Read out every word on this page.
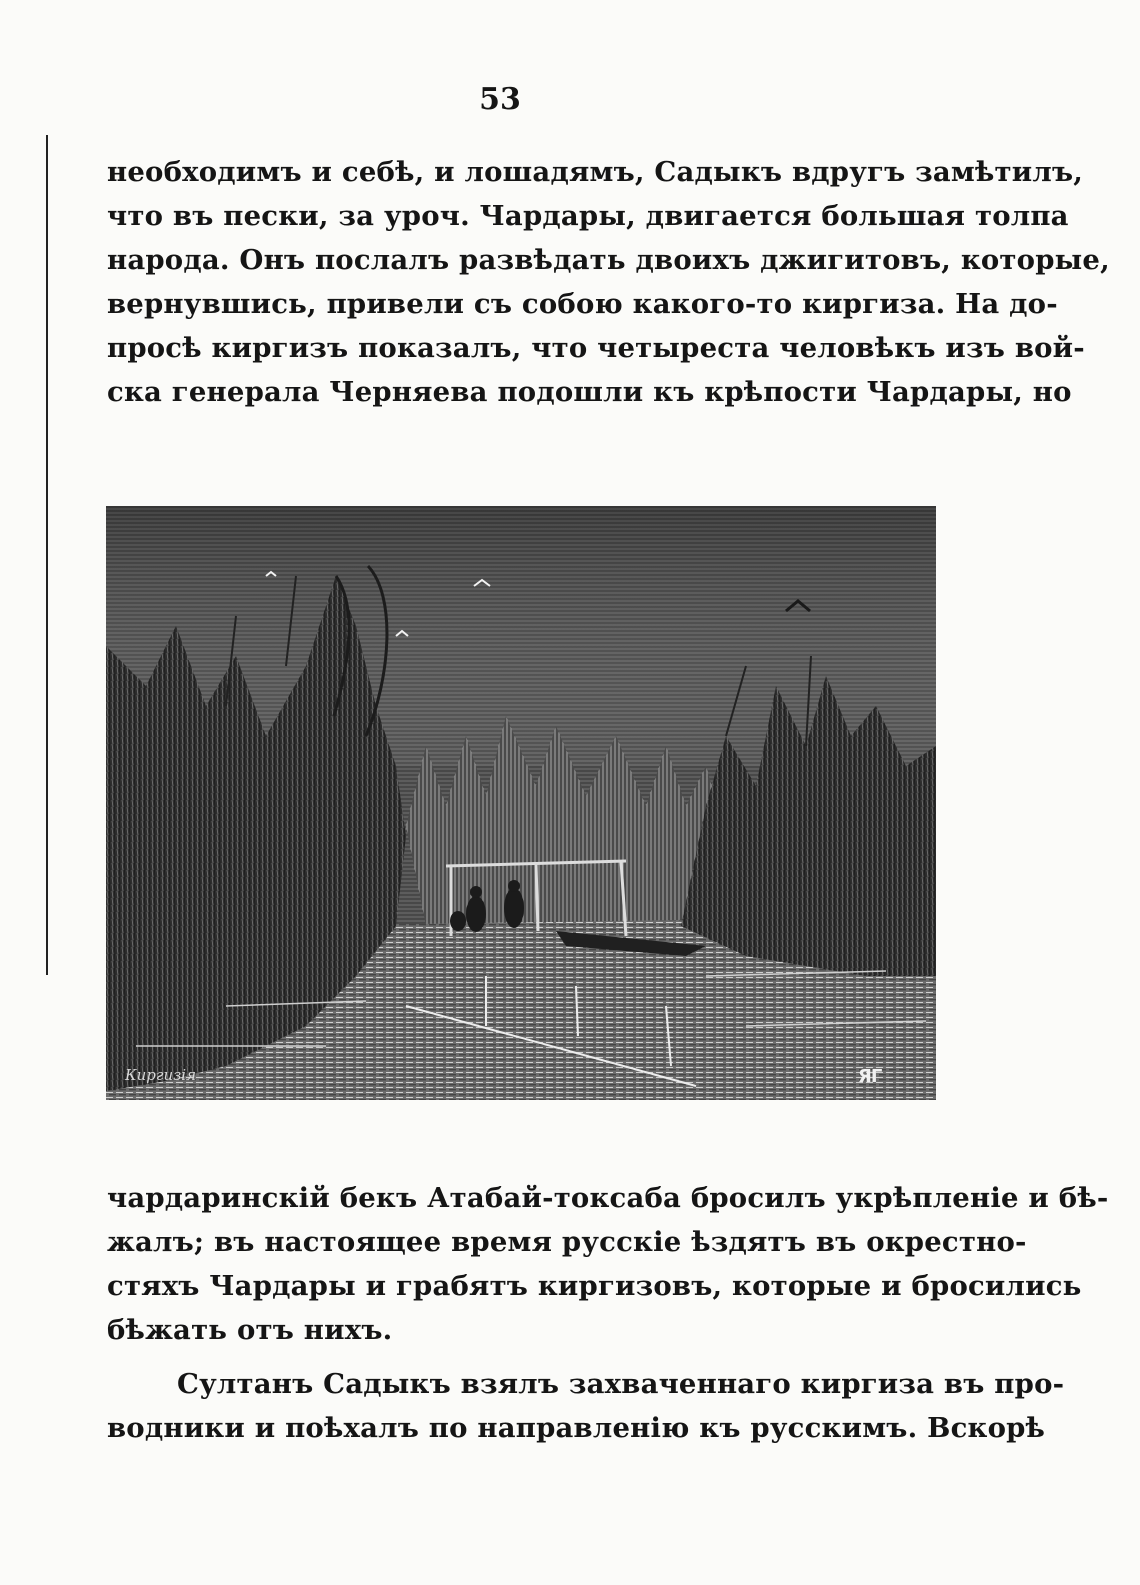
53
необходимъ и себѣ, и лошадямъ, Садыкъ вдругъ замѣтилъ,
что въ пески, за уроч. Чардары, двигается большая толпа
народа. Онъ послалъ развѣдать двоихъ джигитовъ, которые,
вернувшись, привели съ собою какого-то киргиза. На до-
просѣ киргизъ показалъ, что четыреста человѣкъ изъ вой-
ска генерала Черняева подошли къ крѣпости Чардары, но
Киргизія	ЯГ
чардаринскій бекъ Атабай-токсаба бросилъ укрѣпленіе и бѣ-
жалъ; въ настоящее время русскіе ѣздятъ въ окрестно-
стяхъ Чардары и грабятъ киргизовъ, которые и бросились
бѣжать отъ нихъ.
Султанъ Садыкъ взялъ захваченнаго киргиза въ про-
водники и поѣхалъ по направленію къ русскимъ. Вскорѣ
